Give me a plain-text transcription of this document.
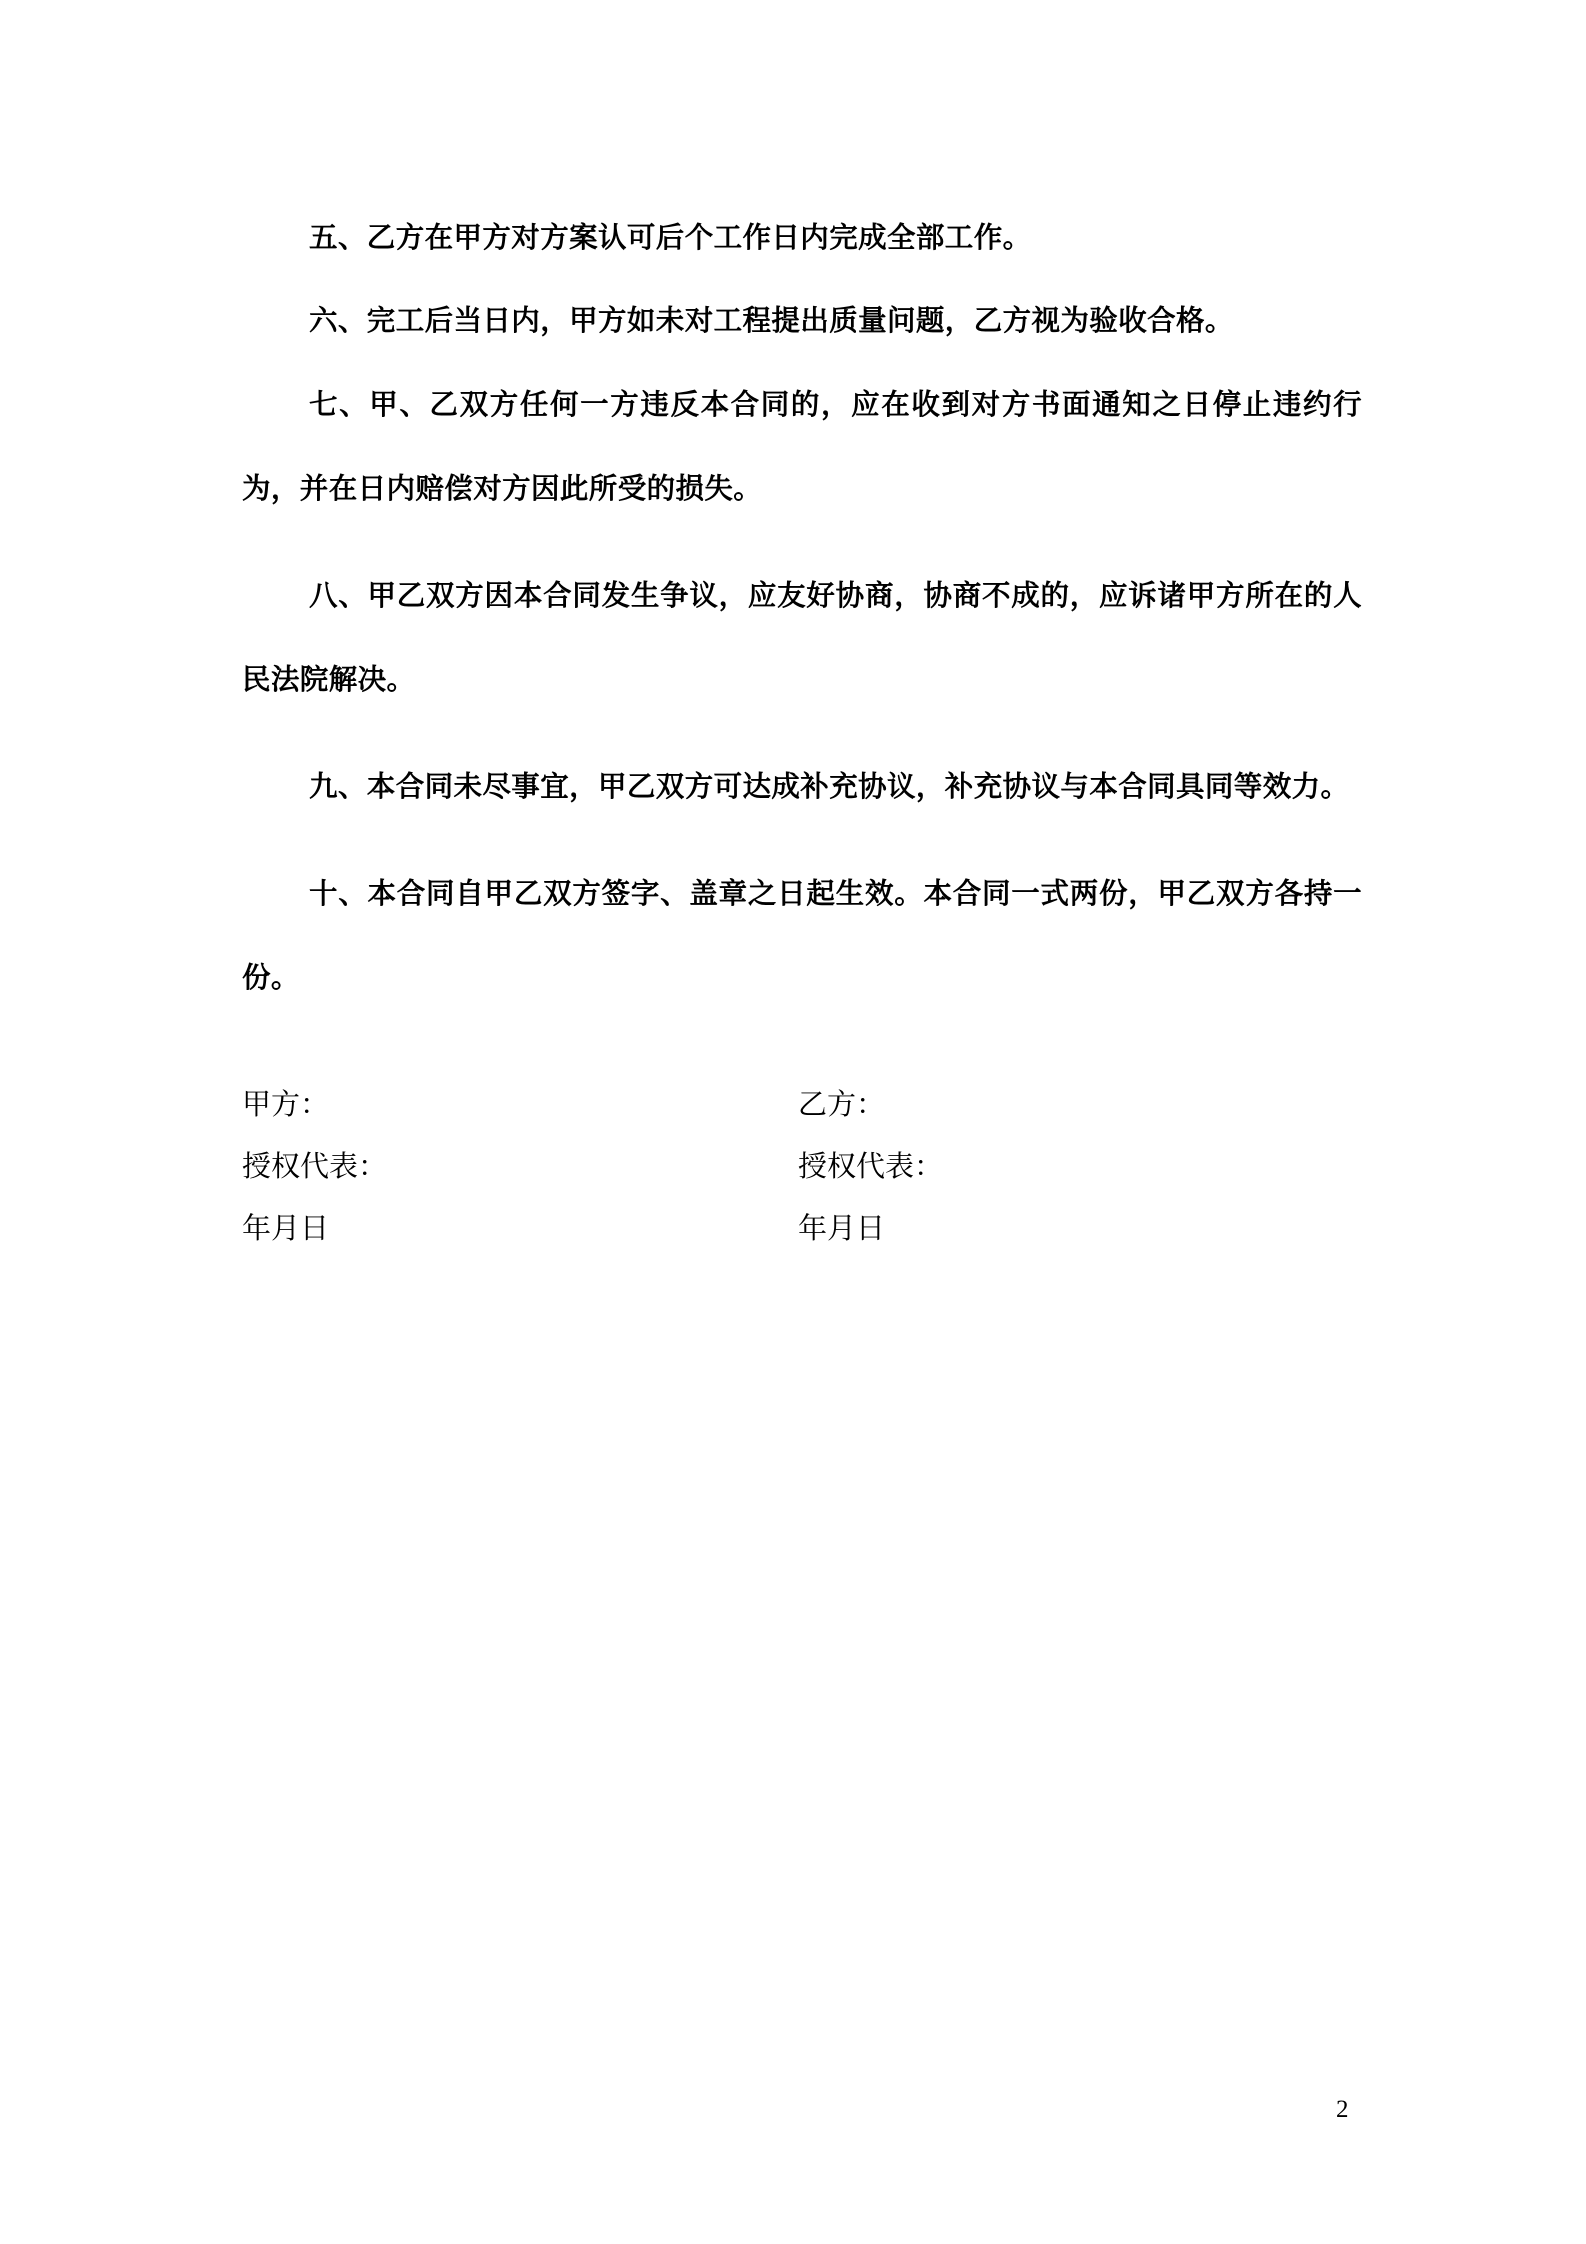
五、乙方在甲方对方案认可后个工作日内完成全部工作。

六、完工后当日内，甲方如未对工程提出质量问题，乙方视为验收合格。

七、甲、乙双方任何一方违反本合同的，应在收到对方书面通知之日停止违约行为，并在日内赔偿对方因此所受的损失。

八、甲乙双方因本合同发生争议，应友好协商，协商不成的，应诉诸甲方所在的人民法院解决。

九、本合同未尽事宜，甲乙双方可达成补充协议，补充协议与本合同具同等效力。

十、本合同自甲乙双方签字、盖章之日起生效。本合同一式两份，甲乙双方各持一份。

甲方：
授权代表：
年月日
乙方：
授权代表：
年月日
2
